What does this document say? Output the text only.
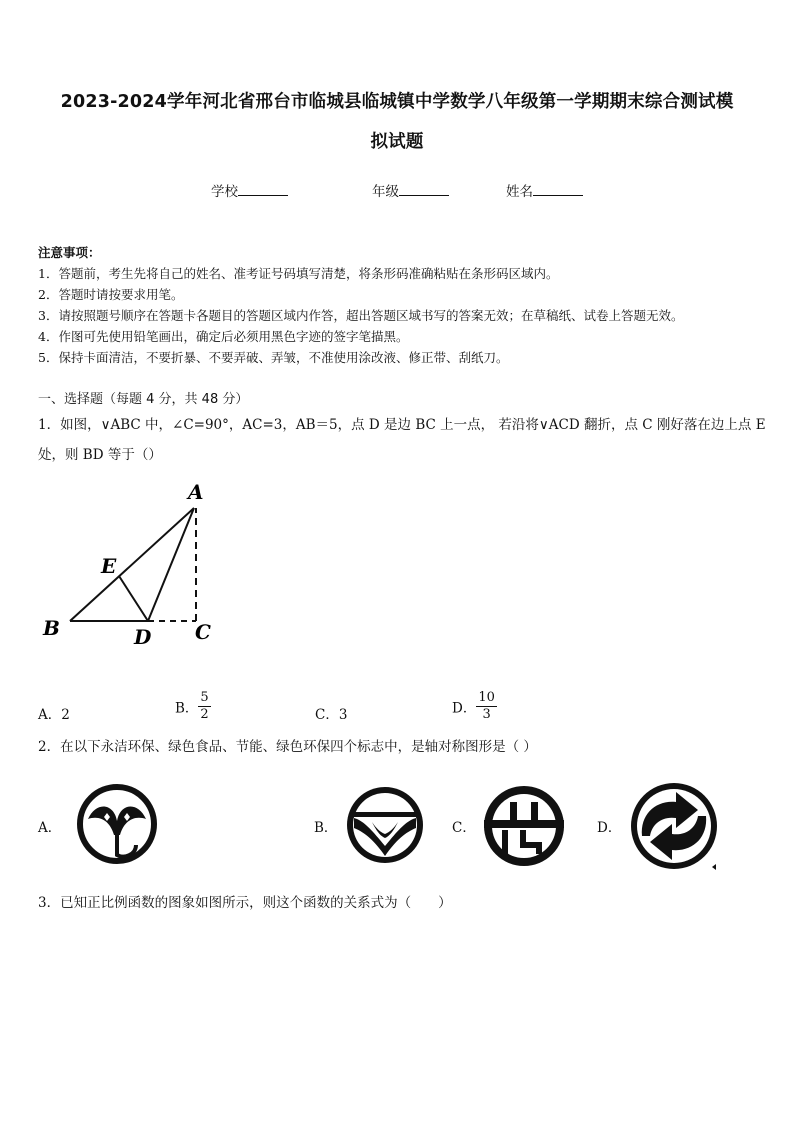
2023-2024学年河北省邢台市临城县临城镇中学数学八年级第一学期期末综合测试模
拟试题
学校	年级	姓名
注意事项：
1．答题前，考生先将自己的姓名、准考证号码填写清楚，将条形码准确粘贴在条形码区域内。
2．答题时请按要求用笔。
3．请按照题号顺序在答题卡各题目的答题区域内作答，超出答题区域书写的答案无效；在草稿纸、试卷上答题无效。
4．作图可先使用铅笔画出，确定后必须用黑色字迹的签字笔描黑。
5．保持卡面清洁，不要折暴、不要弄破、弄皱，不准使用涂改液、修正带、刮纸刀。
一、选择题（每题 4 分，共 48 分）
1．如图，∨ABC 中，∠C=90°，AC=3，AB＝5，点 D 是边 BC 上一点， 若沿将∨ACD 翻折，点 C 刚好落在边上点 E
处，则 BD 等于（）
A
E
B	D C
A．2	B． $\frac{5}{2}$	C．3	D． $\frac{10}{3}$
2．在以下永洁环保、绿色食品、节能、绿色环保四个标志中，是轴对称图形是（ ）
A．	B．	C．	D．
3．已知正比例函数的图象如图所示，则这个函数的关系式为（　　）
